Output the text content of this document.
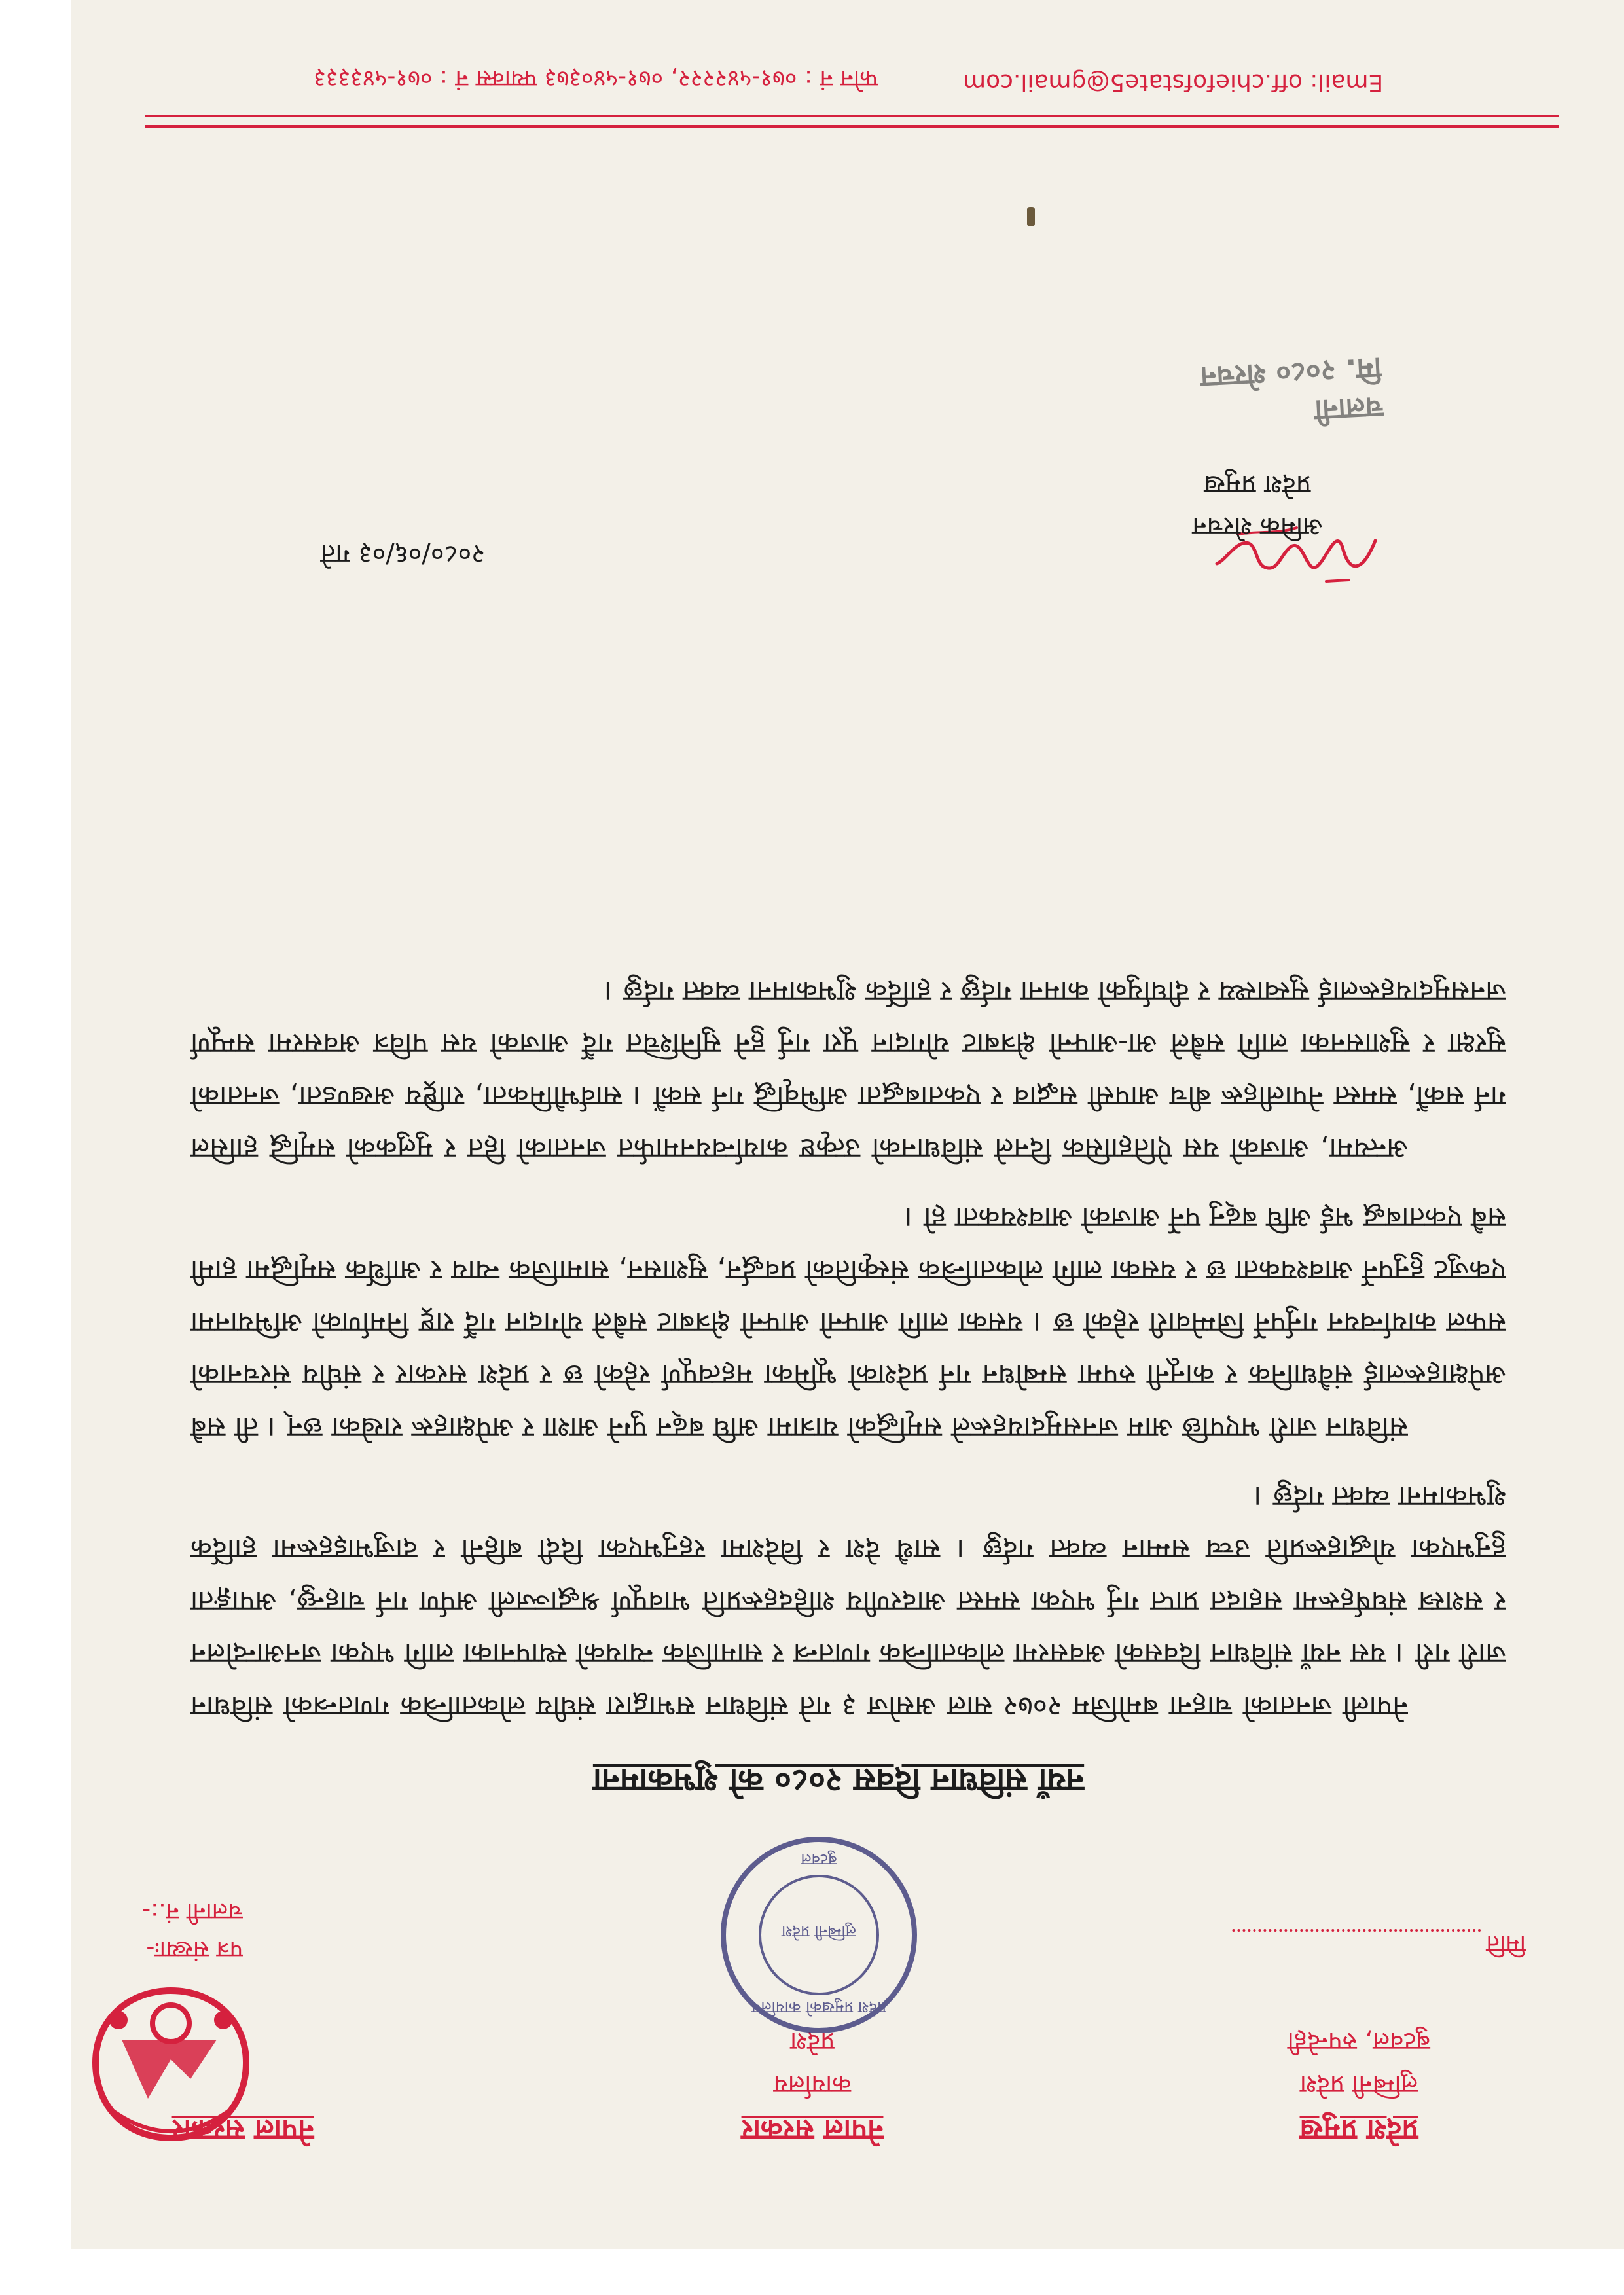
नेपाल सरकार	नेपाल सरकार
कार्यालय
प्रदेश
प्रदेश प्रमुख
लुम्बिनी प्रदेश
बुटवल, रुपन्देही
प्रदेश प्रमुखको कार्यालय
लुम्बिनी प्रदेश
बुटवल
पत्र संख्याः-
चलानी नं.:-
मिति
नयाँ संविधान दिवस २०८० को शुभकामना

नेपाली जनताको चाहना बमोजिम २०७२ साल असोज ३ गते संविधान सभाद्वारा संघीय लोकतान्त्रिक गणतन्त्रको संविधान जारी गरी । यस नयाँ संविधान दिवसको अवसरमा लोकतान्त्रिक गणतन्त्र र सामाजिक न्यायको स्थापनाका लागि भएका जनआन्दोलन र सशस्त्र संघर्षहरूमा सहादत प्राप्त गर्नु भएका समस्त आदरणीय शहिदहरूप्रति भावपूर्ण श्रद्धाञ्जली अर्पण गर्न चाहन्छु, अपाङ्गता हुनुभएका योद्धाहरूप्रति उच्च सम्मान व्यक्त गर्दछु । साथै देश र विदेशमा रहनुभएका दिदी बहिनी र दाजुभाइहरूमा हार्दिक शुभकामना व्यक्त गर्दछु ।

संविधान जारी भएपछि आम जनसमुदायहरूले समृद्धिको यात्रामा अघि बढ्न पुग्ने आशा र अपेक्षाहरू राखेका छन् । ती सबै अपेक्षाहरूलाई संवैधानिक र कानूनी रुपमा सम्बोधन गर्न प्रदेशको भूमिका महत्वपूर्ण रहेको छ र प्रदेश सरकार र संघीय संरचनाको सफल कार्यान्वयन गर्नुपर्ने जिम्मेवारी रहेको छ । यसका लागि आफ्नो आफ्नो क्षेत्रबाट सबैले योगदान गर्दै राष्ट्र निर्माणको अभियानमा एकजुट हुनुपर्ने आवश्यकता छ र यसका लागि लोकतान्त्रिक संस्कृतिको प्रवर्द्धन, सुशासन, सामाजिक न्याय र आर्थिक समृद्धिमा हामी सबै एकताबद्ध भई अघि बढ्नु पर्ने आजको आवश्यकता हो ।

अन्त्यमा, आजको यस ऐतिहासिक दिनले संविधानको उत्कृष्ट कार्यान्वयनमार्फत जनताको हित र मुलुकको समृद्धि हासिल गर्न सकौं, समस्त नेपालीहरू बीच आपसी सद्भाव र एकताबद्धता अभिवृद्धि गर्न सकौं । सार्वभौमिकता, राष्ट्रिय अखण्डता, जनताको सुरक्षा र सुशासनका लागि सबैले आ-आफ्नो क्षेत्रबाट योगदान पूरा गर्नु हुने सुनिश्चित गर्दै आजको यस पवित्र अवसरमा सम्पूर्ण जनसमुदायहरूलाई सुस्वास्थ्य र दीर्घायुको कामना गर्दछु र हार्दिक शुभकामना व्यक्त गर्दछु ।

२०८०/०६/०३ गते
अमिक शेरचन
प्रदेश प्रमुख
चलानी
मि. २०८० शेरचन
फोन नं : ०७१-५४२२२२, ०७१-५४०३७३ फ्याक्स नं : ०७१-५४३३३३	Email: off.chiefofstate5@gmail.com
